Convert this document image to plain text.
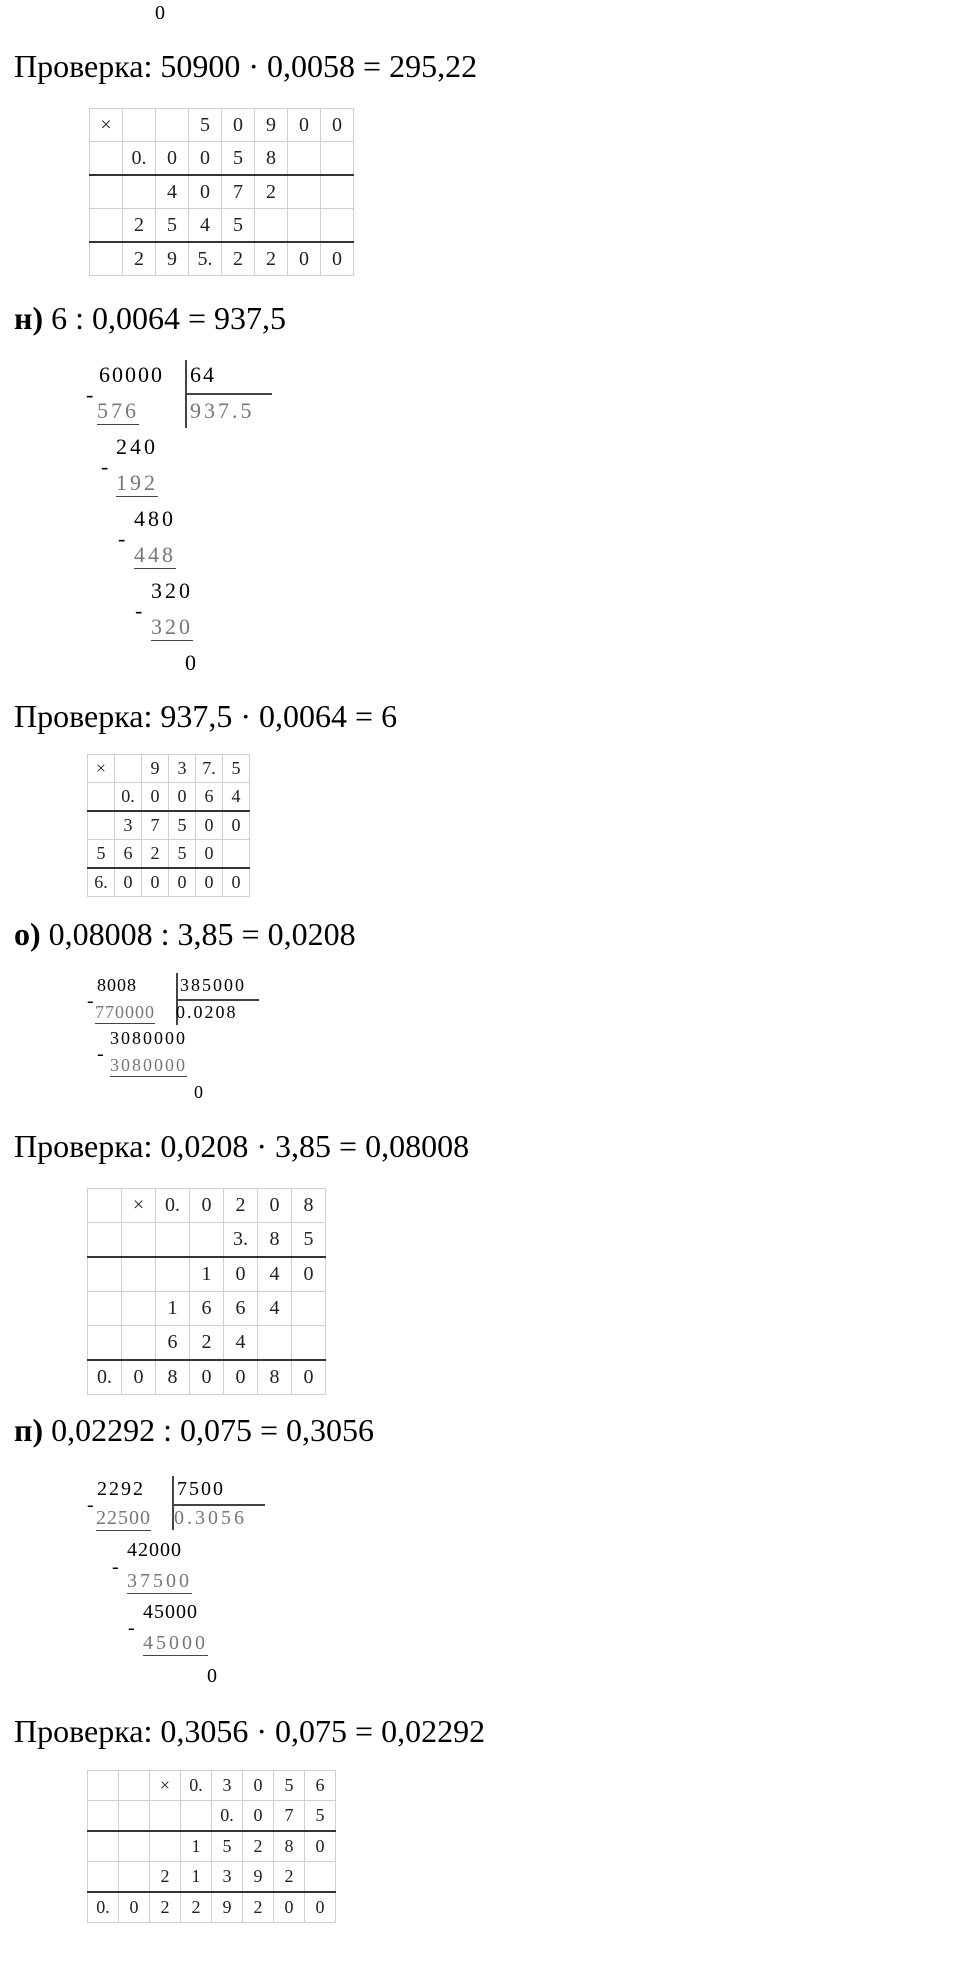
0
Проверка: 50900 · 0,0058 = 295,22
×			5	0	9	0	0
	0.	0	0	5	8		
		4	0	7	2		
	2	5	4	5			
	2	9	5.	2	2	0	0
н) 6 : 0,0064 = 937,5
60000 64
937.5
-
576
240
-
192
480
-
448
320
-
320
0
Проверка: 937,5 · 0,0064 = 6
×		9	3	7.	5
	0.	0	0	6	4
	3	7	5	0	0
5	6	2	5	0	
6.	0	0	0	0	0
о) 0,08008 : 3,85 = 0,0208
8008 385000
0.0208
- 770000
3080000
- 3080000
0
Проверка: 0,0208 · 3,85 = 0,08008
	×	0.	0	2	0	8
				3.	8	5
			1	0	4	0
		1	6	6	4	
		6	2	4		
0.	0	8	0	0	8	0
п) 0,02292 : 0,075 = 0,3056
2292 7500
0.3056
-
22500
42000
-
37500
45000
-
45000
0
Проверка: 0,3056 · 0,075 = 0,02292
		×	0.	3	0	5	6
				0.	0	7	5
			1	5	2	8	0
		2	1	3	9	2	
0.	0	2	2	9	2	0	0
